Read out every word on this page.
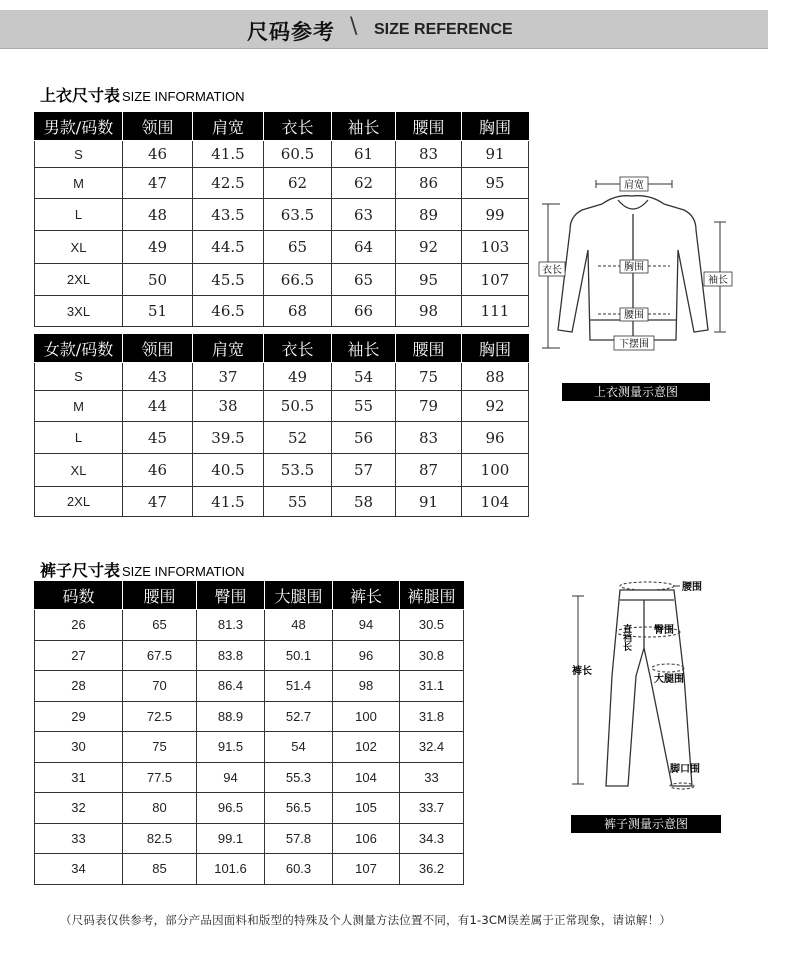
尺码参考 \ SIZE REFERENCE
上衣尺寸表 SIZE INFORMATION
男款/码数	领围	肩宽	衣长	袖长	腰围	胸围
S	46	41.5	60.5	61	83	91
M	47	42.5	62	62	86	95
L	48	43.5	63.5	63	89	99
XL	49	44.5	65	64	92	103
2XL	50	45.5	66.5	65	95	107
3XL	51	46.5	68	66	98	111
女款/码数	领围	肩宽	衣长	袖长	腰围	胸围
S	43	37	49	54	75	88
M	44	38	50.5	55	79	92
L	45	39.5	52	56	83	96
XL	46	40.5	53.5	57	87	100
2XL	47	41.5	55	58	91	104
肩宽
衣长
袖长
胸围
腰围
下摆围
上衣测量示意图
裤子尺寸表 SIZE INFORMATION
码数	腰围	臀围	大腿围	裤长	裤腿围
26	65	81.3	48	94	30.5
27	67.5	83.8	50.1	96	30.8
28	70	86.4	51.4	98	31.1
29	72.5	88.9	52.7	100	31.8
30	75	91.5	54	102	32.4
31	77.5	94	55.3	104	33
32	80	96.5	56.5	105	33.7
33	82.5	99.1	57.8	106	34.3
34	85	101.6	60.3	107	36.2
腰围
直裆长 臀围
裤长
大腿围
脚口围
裤子测量示意图
（尺码表仅供参考，部分产品因面料和版型的特殊及个人测量方法位置不同，有1-3CM误差属于正常现象，请谅解！）
